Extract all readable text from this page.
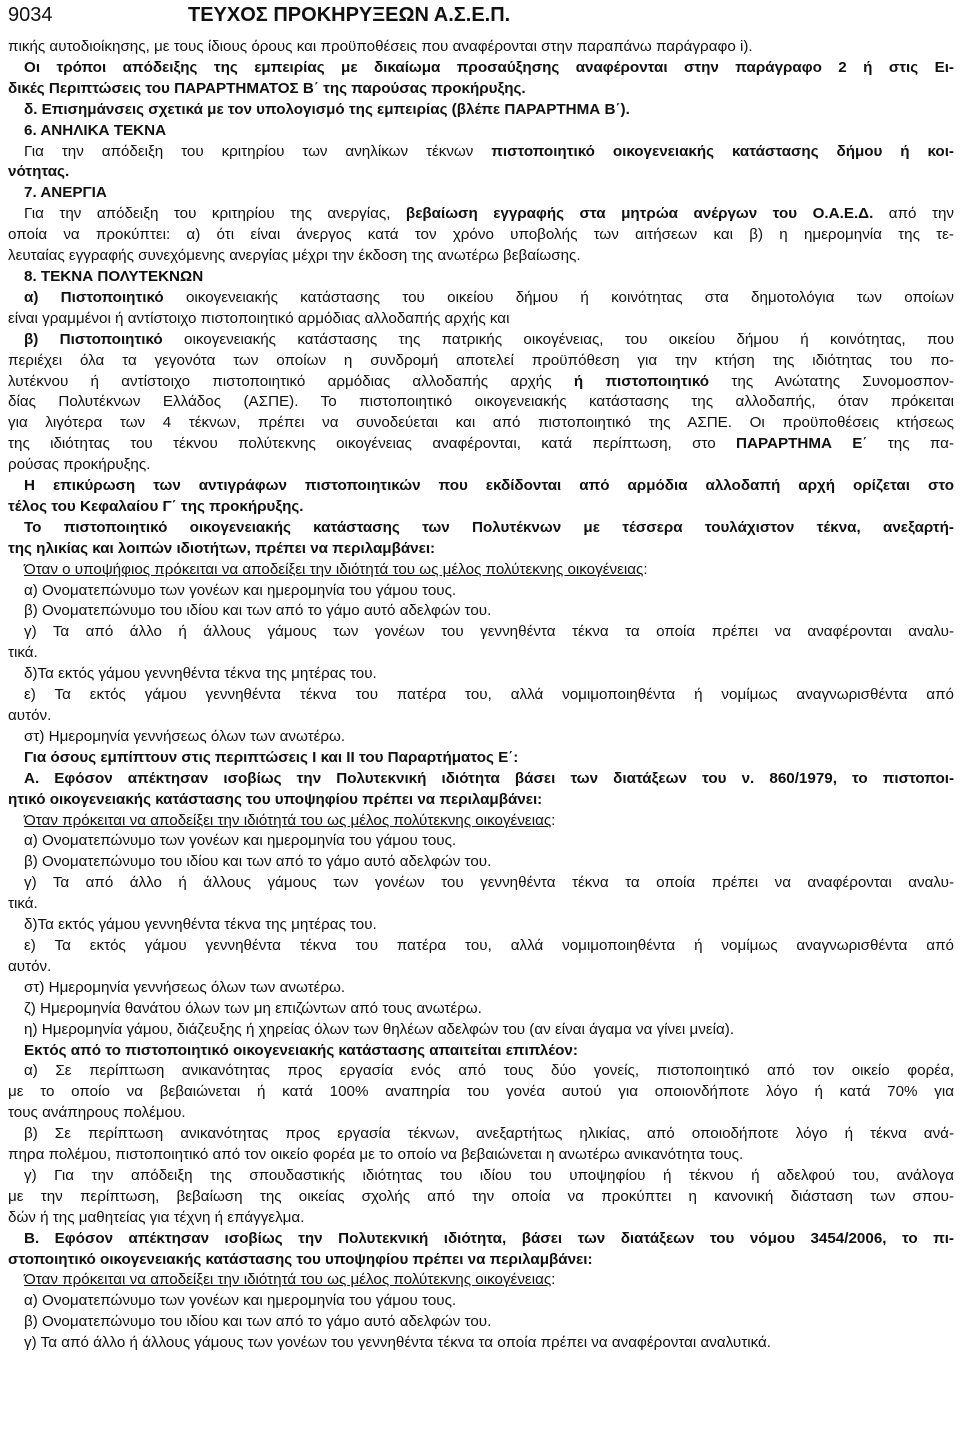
9034	ΤΕΥΧΟΣ ΠΡΟΚΗΡΥΞΕΩΝ Α.Σ.Ε.Π.
πικής αυτοδιοίκησης, με τους ίδιους όρους και προϋποθέσεις που αναφέρονται στην παραπάνω παράγραφο i).
Οι τρόποι απόδειξης της εμπειρίας με δικαίωμα προσαύξησης αναφέρονται στην παράγραφο 2 ή στις Ει-
δικές Περιπτώσεις του ΠΑΡΑΡΤΗΜΑΤΟΣ Β΄ της παρούσας προκήρυξης.
δ. Επισημάνσεις σχετικά με τον υπολογισμό της εμπειρίας (βλέπε ΠΑΡΑΡΤΗΜΑ Β΄).
6. ΑΝΗΛΙΚΑ ΤΕΚΝΑ
Για την απόδειξη του κριτηρίου των ανηλίκων τέκνων πιστοποιητικό οικογενειακής κατάστασης δήμου ή κοι-
νότητας.
7. ΑΝΕΡΓΙΑ
Για την απόδειξη του κριτηρίου της ανεργίας, βεβαίωση εγγραφής στα μητρώα ανέργων του Ο.Α.Ε.Δ. από την
οποία να προκύπτει: α) ότι είναι άνεργος κατά τον χρόνο υποβολής των αιτήσεων και β) η ημερομηνία της τε-
λευταίας εγγραφής συνεχόμενης ανεργίας μέχρι την έκδοση της ανωτέρω βεβαίωσης.
8. ΤΕΚΝΑ ΠΟΛΥΤΕΚΝΩΝ
α) Πιστοποιητικό οικογενειακής κατάστασης του οικείου δήμου ή κοινότητας στα δημοτολόγια των οποίων
είναι γραμμένοι ή αντίστοιχο πιστοποιητικό αρμόδιας αλλοδαπής αρχής και
β) Πιστοποιητικό οικογενειακής κατάστασης της πατρικής οικογένειας, του οικείου δήμου ή κοινότητας, που
περιέχει όλα τα γεγονότα των οποίων η συνδρομή αποτελεί προϋπόθεση για την κτήση της ιδιότητας του πο-
λυτέκνου ή αντίστοιχο πιστοποιητικό αρμόδιας αλλοδαπής αρχής ή πιστοποιητικό της Ανώτατης Συνομοσπον-
δίας Πολυτέκνων Ελλάδος (ΑΣΠΕ). Το πιστοποιητικό οικογενειακής κατάστασης της αλλοδαπής, όταν πρόκειται
για λιγότερα των 4 τέκνων, πρέπει να συνοδεύεται και από πιστοποιητικό της ΑΣΠΕ. Οι προϋποθέσεις κτήσεως
της ιδιότητας του τέκνου πολύτεκνης οικογένειας αναφέρονται, κατά περίπτωση, στο ΠΑΡΑΡΤΗΜΑ Ε΄ της πα-
ρούσας προκήρυξης.
Η επικύρωση των αντιγράφων πιστοποιητικών που εκδίδονται από αρμόδια αλλοδαπή αρχή ορίζεται στο
τέλος του Κεφαλαίου Γ΄ της προκήρυξης.
Το πιστοποιητικό οικογενειακής κατάστασης των Πολυτέκνων με τέσσερα τουλάχιστον τέκνα, ανεξαρτή-
της ηλικίας και λοιπών ιδιοτήτων, πρέπει να περιλαμβάνει:
Όταν ο υποψήφιος πρόκειται να αποδείξει την ιδιότητά του ως μέλος πολύτεκνης οικογένειας:
α) Ονοματεπώνυμο των γονέων και ημερομηνία του γάμου τους.
β) Ονοματεπώνυμο του ιδίου και των από το γάμο αυτό αδελφών του.
γ) Τα από άλλο ή άλλους γάμους των γονέων του γεννηθέντα τέκνα τα οποία πρέπει να αναφέρονται αναλυ-
τικά.
δ)Τα εκτός γάμου γεννηθέντα τέκνα της μητέρας του.
ε) Τα εκτός γάμου γεννηθέντα τέκνα του πατέρα του, αλλά νομιμοποιηθέντα ή νομίμως αναγνωρισθέντα από
αυτόν.
στ) Ημερομηνία γεννήσεως όλων των ανωτέρω.
Για όσους εμπίπτουν στις περιπτώσεις Ι και ΙΙ του Παραρτήματος Ε΄:
Α. Εφόσον απέκτησαν ισοβίως την Πολυτεκνική ιδιότητα βάσει των διατάξεων του ν. 860/1979, το πιστοποι-
ητικό οικογενειακής κατάστασης του υποψηφίου πρέπει να περιλαμβάνει:
Όταν πρόκειται να αποδείξει την ιδιότητά του ως μέλος πολύτεκνης οικογένειας:
α) Ονοματεπώνυμο των γονέων και ημερομηνία του γάμου τους.
β) Ονοματεπώνυμο του ιδίου και των από το γάμο αυτό αδελφών του.
γ) Τα από άλλο ή άλλους γάμους των γονέων του γεννηθέντα τέκνα τα οποία πρέπει να αναφέρονται αναλυ-
τικά.
δ)Τα εκτός γάμου γεννηθέντα τέκνα της μητέρας του.
ε) Τα εκτός γάμου γεννηθέντα τέκνα του πατέρα του, αλλά νομιμοποιηθέντα ή νομίμως αναγνωρισθέντα από
αυτόν.
στ) Ημερομηνία γεννήσεως όλων των ανωτέρω.
ζ) Ημερομηνία θανάτου όλων των μη επιζώντων από τους ανωτέρω.
η) Ημερομηνία γάμου, διάζευξης ή χηρείας όλων των θηλέων αδελφών του (αν είναι άγαμα να γίνει μνεία).
Εκτός από το πιστοποιητικό οικογενειακής κατάστασης απαιτείται επιπλέον:
α) Σε περίπτωση ανικανότητας προς εργασία ενός από τους δύο γονείς, πιστοποιητικό από τον οικείο φορέα,
με το οποίο να βεβαιώνεται ή κατά 100% αναπηρία του γονέα αυτού για οποιονδήποτε λόγο ή κατά 70% για
τους ανάπηρους πολέμου.
β) Σε περίπτωση ανικανότητας προς εργασία τέκνων, ανεξαρτήτως ηλικίας, από οποιοδήποτε λόγο ή τέκνα ανά-
πηρα πολέμου, πιστοποιητικό από τον οικείο φορέα με το οποίο να βεβαιώνεται η ανωτέρω ανικανότητα τους.
γ) Για την απόδειξη της σπουδαστικής ιδιότητας του ιδίου του υποψηφίου ή τέκνου ή αδελφού του, ανάλογα
με την περίπτωση, βεβαίωση της οικείας σχολής από την οποία να προκύπτει η κανονική διάσταση των σπου-
δών ή της μαθητείας για τέχνη ή επάγγελμα.
Β. Εφόσον απέκτησαν ισοβίως την Πολυτεκνική ιδιότητα, βάσει των διατάξεων του νόμου 3454/2006, το πι-
στοποιητικό οικογενειακής κατάστασης του υποψηφίου πρέπει να περιλαμβάνει:
Όταν πρόκειται να αποδείξει την ιδιότητά του ως μέλος πολύτεκνης οικογένειας:
α) Ονοματεπώνυμο των γονέων και ημερομηνία του γάμου τους.
β) Ονοματεπώνυμο του ιδίου και των από το γάμο αυτό αδελφών του.
γ) Τα από άλλο ή άλλους γάμους των γονέων του γεννηθέντα τέκνα τα οποία πρέπει να αναφέρονται αναλυτικά.
